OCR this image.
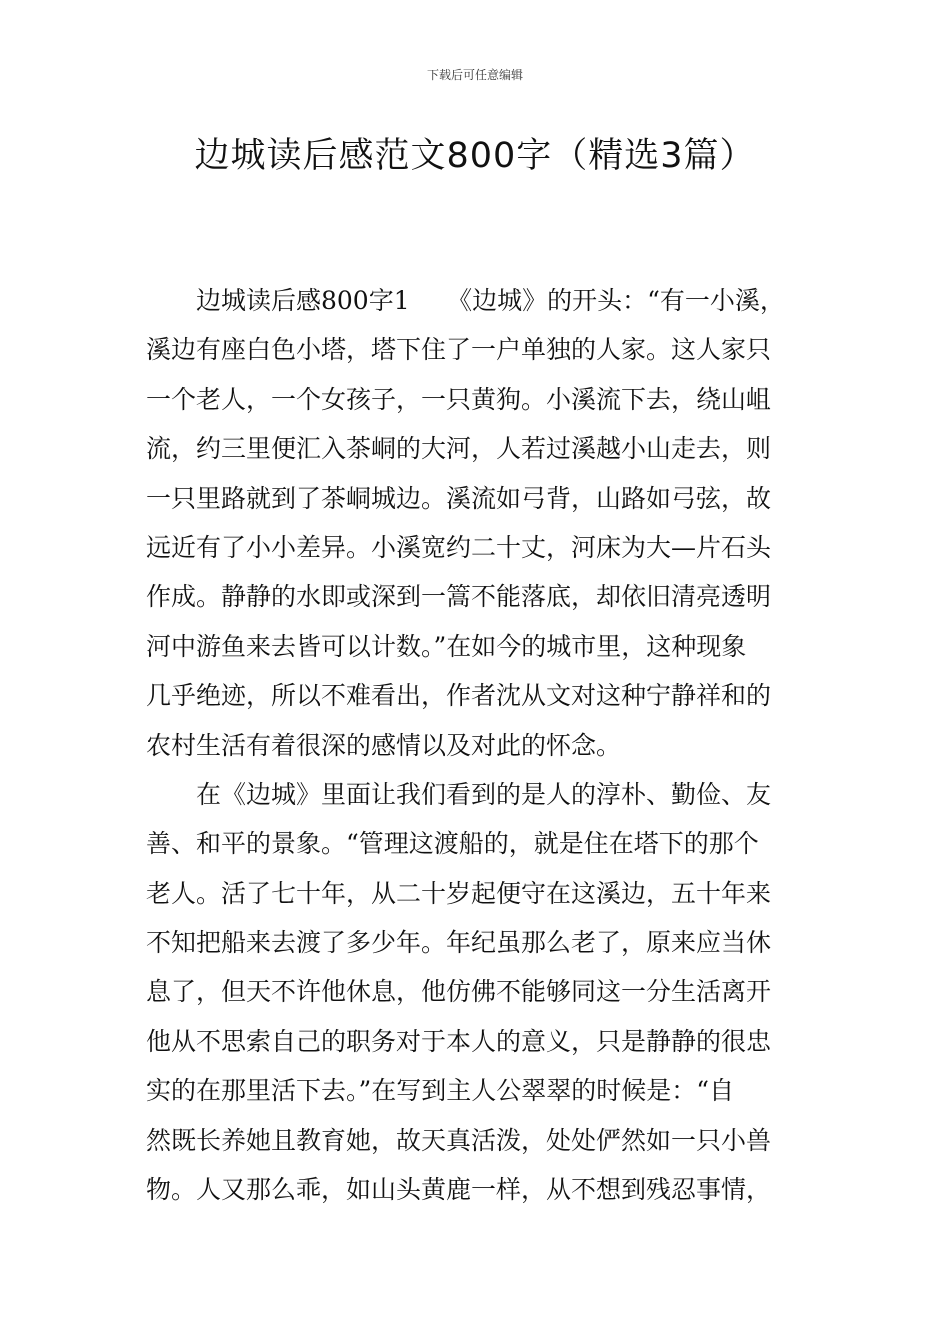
下载后可任意编辑
边城读后感范文800字（精选3篇）
边城读后感800字1　　《边城》的开头：“有一小溪，
溪边有座白色小塔，塔下住了一户单独的人家。这人家只
一个老人，一个女孩子，一只黄狗。小溪流下去，绕山岨
流，约三里便汇入茶峒的大河，人若过溪越小山走去，则
一只里路就到了茶峒城边。溪流如弓背，山路如弓弦，故
远近有了小小差异。小溪宽约二十丈，河床为大—片石头
作成。静静的水即或深到一篙不能落底，却依旧清亮透明
河中游鱼来去皆可以计数。”在如今的城市里，这种现象
几乎绝迹，所以不难看出，作者沈从文对这种宁静祥和的
农村生活有着很深的感情以及对此的怀念。
在《边城》里面让我们看到的是人的淳朴、勤俭、友
善、和平的景象。“管理这渡船的，就是住在塔下的那个
老人。活了七十年，从二十岁起便守在这溪边，五十年来
不知把船来去渡了多少年。年纪虽那么老了，原来应当休
息了，但天不许他休息，他仿佛不能够同这一分生活离开
他从不思索自己的职务对于本人的意义，只是静静的很忠
实的在那里活下去。”在写到主人公翠翠的时候是：“自
然既长养她且教育她，故天真活泼，处处俨然如一只小兽
物。人又那么乖，如山头黄鹿一样，从不想到残忍事情，
